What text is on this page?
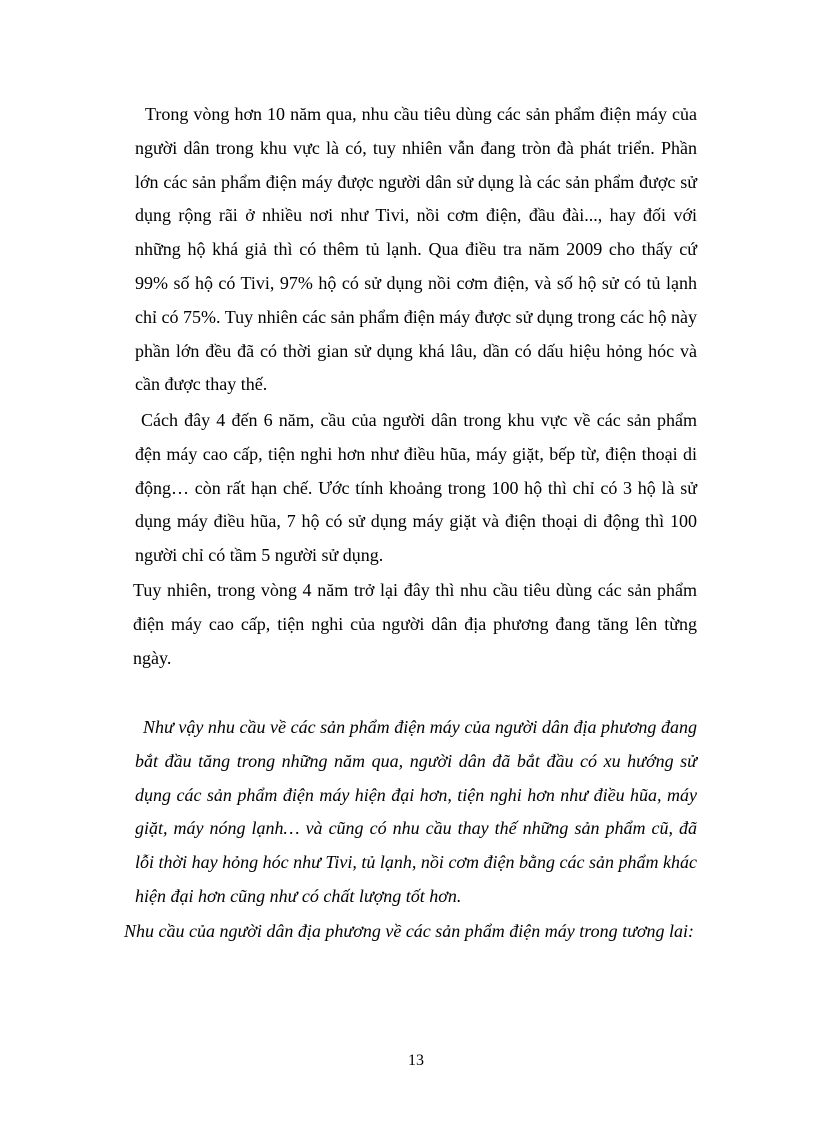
Trong vòng hơn 10 năm qua, nhu cầu tiêu dùng các sản phẩm điện máy của người dân trong khu vực là có, tuy nhiên vẫn đang tròn đà phát triển. Phần lớn các sản phẩm điện máy được người dân sử dụng là các sản phẩm được sử dụng rộng rãi ở nhiều nơi như Tivi, nồi cơm điện, đầu đài..., hay đối với những hộ khá giả thì có thêm tủ lạnh. Qua điều tra năm 2009 cho thấy cứ 99% số hộ có Tivi, 97% hộ có sử dụng nồi cơm điện, và số hộ sử có tủ lạnh chỉ có 75%. Tuy nhiên các sản phẩm điện máy được sử dụng trong các hộ này phần lớn đều đã có thời gian sử dụng khá lâu, dần có dấu hiệu hỏng hóc và cần được thay thế.

Cách đây 4 đến 6 năm, cầu của người dân trong khu vực về các sản phẩm đện máy cao cấp, tiện nghi hơn như điều hũa, máy giặt, bếp từ, điện thoại di động… còn rất hạn chế. Ước tính khoảng trong 100 hộ thì chỉ có 3 hộ là sử dụng máy điều hũa, 7 hộ có sử dụng máy giặt và điện thoại di động thì 100 người chỉ có tầm 5 người sử dụng.

Tuy nhiên, trong vòng 4 năm trở lại đây thì nhu cầu tiêu dùng các sản phẩm điện máy cao cấp, tiện nghi của người dân địa phương đang tăng lên từng ngày.

Như vậy nhu cầu về các sản phẩm điện máy của người dân địa phương đang bắt đầu tăng trong những năm qua, người dân đã bắt đầu có xu hướng sử dụng các sản phẩm điện máy hiện đại hơn, tiện nghi hơn như điều hũa, máy giặt, máy nóng lạnh… và cũng có nhu cầu thay thế những sản phẩm cũ, đã lỗi thời hay hỏng hóc như Tivi, tủ lạnh, nồi cơm điện bằng các sản phẩm khác hiện đại hơn cũng như có chất lượng tốt hơn.

Nhu cầu của người dân địa phương về các sản phẩm điện máy trong tương lai:

13
